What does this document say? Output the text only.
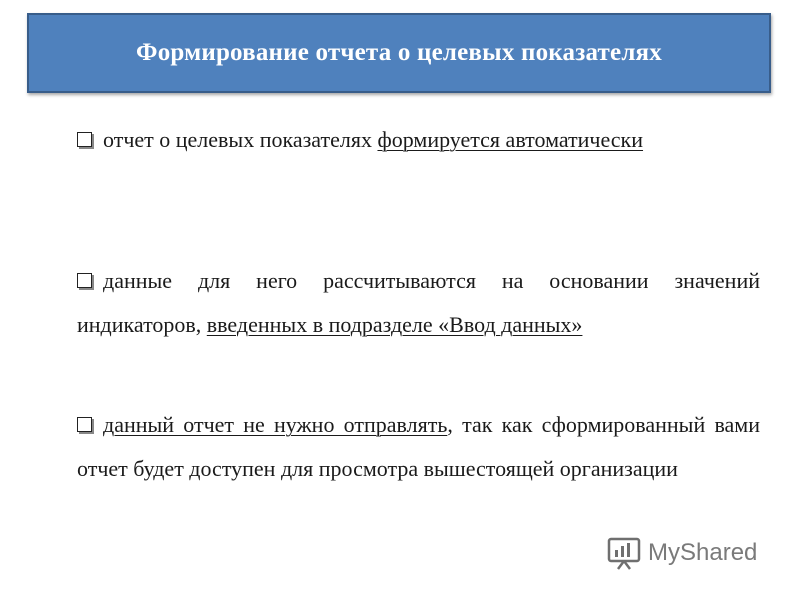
Формирование отчета о целевых показателях
отчет о целевых показателях формируется автоматически
данные для него рассчитываются на основании значений индикаторов, введенных в подразделе «Ввод данных»
данный отчет не нужно отправлять, так как сформированный вами отчет будет доступен для просмотра вышестоящей организации
MyShared
